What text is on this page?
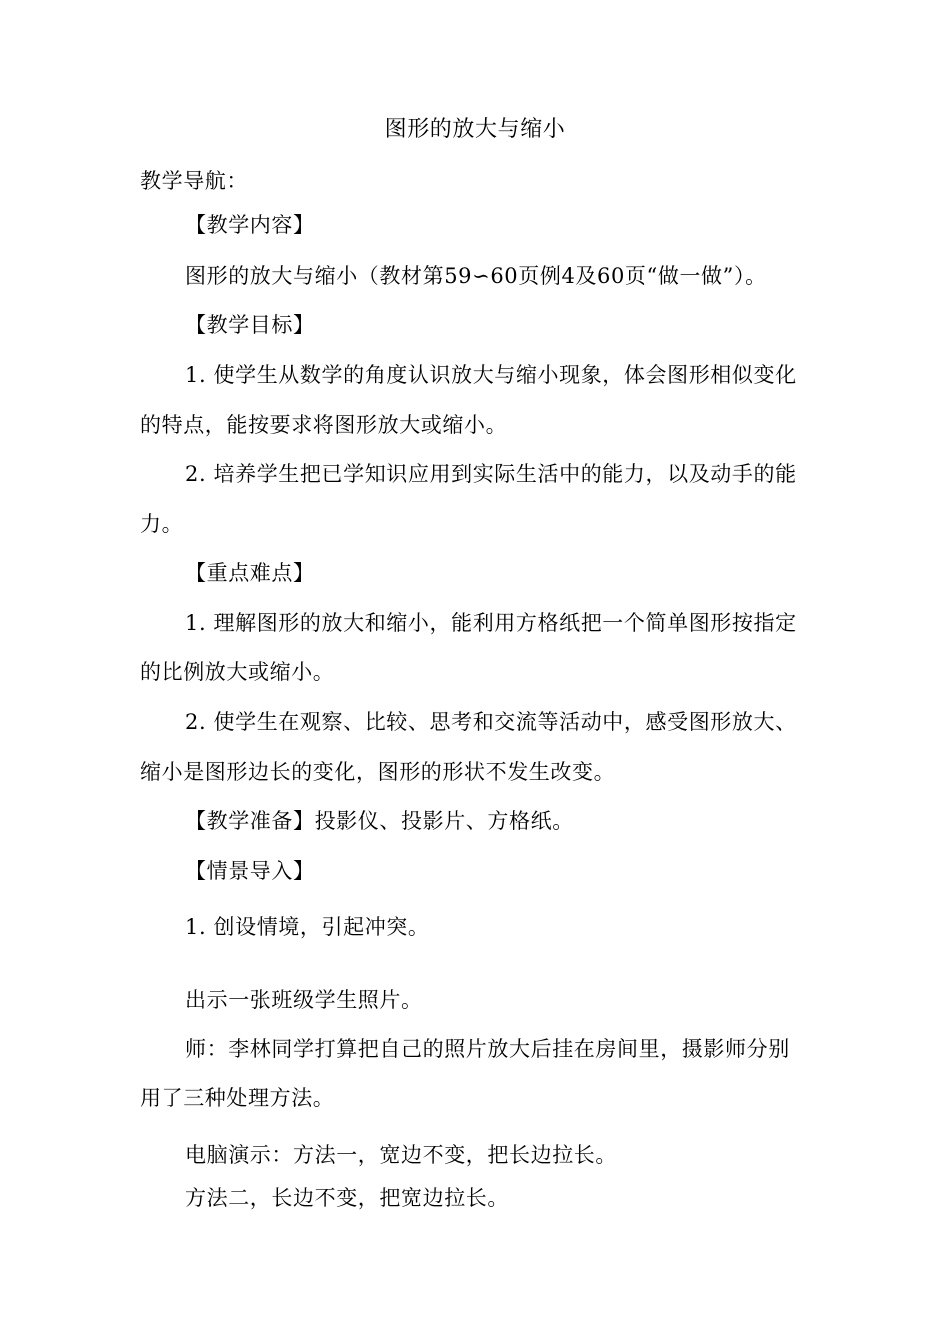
图形的放大与缩小
教学导航：
【教学内容】
图形的放大与缩小（教材第59∽60页例4及60页“做一做”）。
【教学目标】
1. 使学生从数学的角度认识放大与缩小现象，体会图形相似变化
的特点，能按要求将图形放大或缩小。
2. 培养学生把已学知识应用到实际生活中的能力，以及动手的能
力。
【重点难点】
1. 理解图形的放大和缩小，能利用方格纸把一个简单图形按指定
的比例放大或缩小。
2. 使学生在观察、比较、思考和交流等活动中，感受图形放大、
缩小是图形边长的变化，图形的形状不发生改变。
【教学准备】投影仪、投影片、方格纸。
【情景导入】
1. 创设情境，引起冲突。
出示一张班级学生照片。
师：李林同学打算把自己的照片放大后挂在房间里，摄影师分别
用了三种处理方法。
电脑演示：方法一，宽边不变，把长边拉长。
方法二，长边不变，把宽边拉长。
